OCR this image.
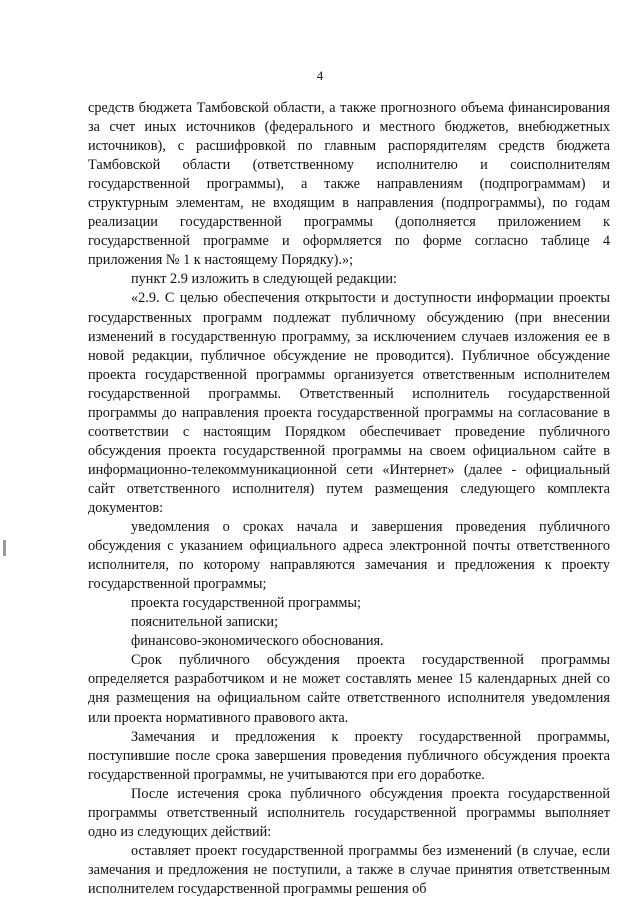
4

средств бюджета Тамбовской области, а также прогнозного объема финансирования за счет иных источников (федерального и местного бюджетов, внебюджетных источников), с расшифровкой по главным распорядителям средств бюджета Тамбовской области (ответственному исполнителю и соисполнителям государственной программы), а также направлениям (подпрограммам) и структурным элементам, не входящим в направления (подпрограммы), по годам реализации государственной программы (дополняется приложением к государственной программе и оформляется по форме согласно таблице 4 приложения № 1 к настоящему Порядку).»;

пункт 2.9 изложить в следующей редакции:

«2.9. С целью обеспечения открытости и доступности информации проекты государственных программ подлежат публичному обсуждению (при внесении изменений в государственную программу, за исключением случаев изложения ее в новой редакции, публичное обсуждение не проводится). Публичное обсуждение проекта государственной программы организуется ответственным исполнителем государственной программы. Ответственный исполнитель государственной программы до направления проекта государственной программы на согласование в соответствии с настоящим Порядком обеспечивает проведение публичного обсуждения проекта государственной программы на своем официальном сайте в информационно-телекоммуникационной сети «Интернет» (далее - официальный сайт ответственного исполнителя) путем размещения следующего комплекта документов:

уведомления о сроках начала и завершения проведения публичного обсуждения с указанием официального адреса электронной почты ответственного исполнителя, по которому направляются замечания и предложения к проекту государственной программы;

проекта государственной программы;

пояснительной записки;

финансово-экономического обоснования.

Срок публичного обсуждения проекта государственной программы определяется разработчиком и не может составлять менее 15 календарных дней со дня размещения на официальном сайте ответственного исполнителя уведомления или проекта нормативного правового акта.

Замечания и предложения к проекту государственной программы, поступившие после срока завершения проведения публичного обсуждения проекта государственной программы, не учитываются при его доработке.

После истечения срока публичного обсуждения проекта государственной программы ответственный исполнитель государственной программы выполняет одно из следующих действий:

оставляет проект государственной программы без изменений (в случае, если замечания и предложения не поступили, а также в случае принятия ответственным исполнителем государственной программы решения об
